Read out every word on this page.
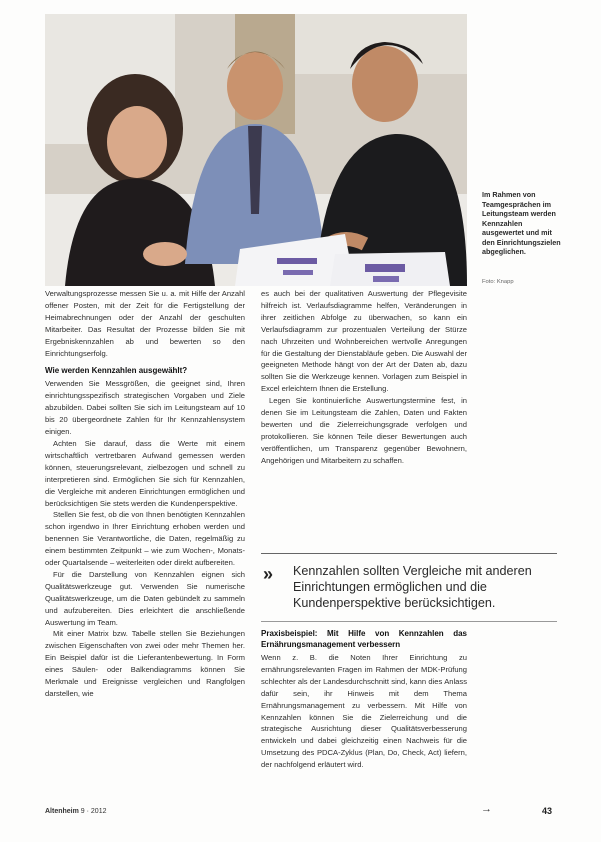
Im Rahmen von Teamgesprächen im Leitungsteam werden Kennzahlen ausgewertet und mit den Einrichtungszielen abgeglichen.
Foto: Knapp

Verwaltungsprozesse messen Sie u. a. mit Hilfe der Anzahl offener Posten, mit der Zeit für die Fertigstellung der Heimabrechnungen oder der Anzahl der geschulten Mitarbeiter. Das Resultat der Prozesse bilden Sie mit Ergebniskennzahlen ab und bewerten so den Einrichtungserfolg.

Wie werden Kennzahlen ausgewählt?

Verwenden Sie Messgrößen, die geeignet sind, Ihren einrichtungsspezifisch strategischen Vorgaben und Ziele abzubilden. Dabei sollten Sie sich im Leitungsteam auf 10 bis 20 übergeordnete Zahlen für Ihr Kennzahlensystem einigen.

Achten Sie darauf, dass die Werte mit einem wirtschaftlich vertretbaren Aufwand gemessen werden können, steuerungsrelevant, zielbezogen und schnell zu interpretieren sind. Ermöglichen Sie sich für Kennzahlen, die Vergleiche mit anderen Einrichtungen ermöglichen und berücksichtigen Sie stets werden die Kundenperspektive.

Stellen Sie fest, ob die von Ihnen benötigten Kennzahlen schon irgendwo in Ihrer Einrichtung erhoben werden und benennen Sie Verantwortliche, die Daten, regelmäßig zu einem bestimmten Zeitpunkt – wie zum Wochen-, Monats- oder Quartalsende – weiterleiten oder direkt aufbereiten.

Für die Darstellung von Kennzahlen eignen sich Qualitätswerkzeuge gut. Verwenden Sie numerische Qualitätswerkzeuge, um die Daten gebündelt zu sammeln und aufzubereiten. Dies erleichtert die anschließende Auswertung im Team.

Mit einer Matrix bzw. Tabelle stellen Sie Beziehungen zwischen Eigenschaften von zwei oder mehr Themen her. Ein Beispiel dafür ist die Lieferantenbewertung. In Form eines Säulen- oder Balkendiagramms können Sie Merkmale und Ereignisse vergleichen und Rangfolgen darstellen, wie

es auch bei der qualitativen Auswertung der Pflegevisite hilfreich ist. Verlaufsdiagramme helfen, Veränderungen in ihrer zeitlichen Abfolge zu überwachen, so kann ein Verlaufsdiagramm zur prozentualen Verteilung der Stürze nach Uhrzeiten und Wohnbereichen wertvolle Anregungen für die Gestaltung der Dienstabläufe geben. Die Auswahl der geeigneten Methode hängt von der Art der Daten ab, dazu sollten Sie die Werkzeuge kennen. Vorlagen zum Beispiel in Excel erleichtern Ihnen die Erstellung.

Legen Sie kontinuierliche Auswertungstermine fest, in denen Sie im Leitungsteam die Zahlen, Daten und Fakten bewerten und die Zielerreichungsgrade verfolgen und protokollieren. Sie können Teile dieser Bewertungen auch veröffentlichen, um Transparenz gegenüber Bewohnern, Angehörigen und Mitarbeitern zu schaffen.

» Kennzahlen sollten Vergleiche mit anderen Einrichtungen ermöglichen und die Kundenperspektive berücksichtigen.
Praxisbeispiel: Mit Hilfe von Kennzahlen das Ernährungsmanagement verbessern

Wenn z. B. die Noten Ihrer Einrichtung zu ernährungsrelevanten Fragen im Rahmen der MDK-Prüfung schlechter als der Landesdurchschnitt sind, kann dies Anlass dafür sein, ihr Hinweis mit dem Thema Ernährungsmanagement zu verbessern. Mit Hilfe von Kennzahlen können Sie die Zielerreichung und die strategische Ausrichtung dieser Qualitätsverbesserung entwickeln und dabei gleichzeitig einen Nachweis für die Umsetzung des PDCA-Zyklus (Plan, Do, Check, Act) liefern, der nachfolgend erläutert wird.

→
Altenheim 9 · 2012	43
